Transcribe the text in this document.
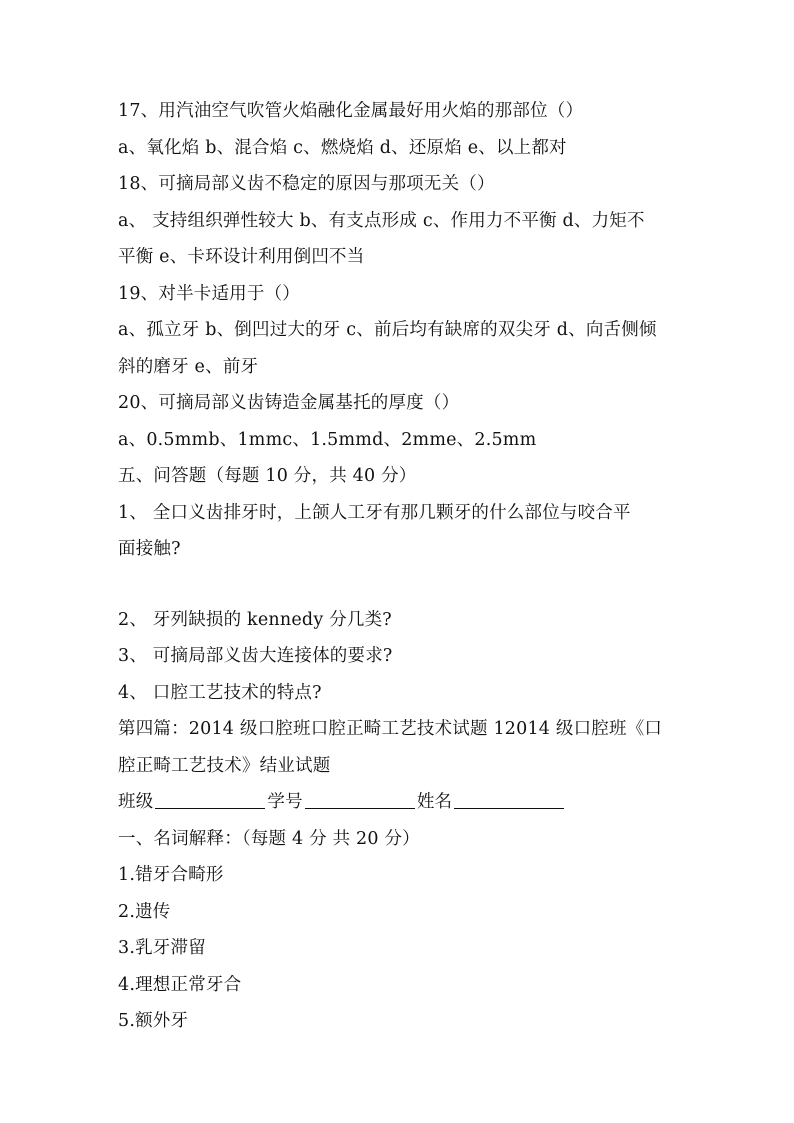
17、用汽油空气吹管火焰融化金属最好用火焰的那部位（）
a、氧化焰 b、混合焰 c、燃烧焰 d、还原焰 e、以上都对
18、可摘局部义齿不稳定的原因与那项无关（）
a、 支持组织弹性较大 b、有支点形成 c、作用力不平衡 d、力矩不
平衡 e、卡环设计利用倒凹不当
19、对半卡适用于（）
a、孤立牙 b、倒凹过大的牙 c、前后均有缺席的双尖牙 d、向舌侧倾
斜的磨牙 e、前牙
20、可摘局部义齿铸造金属基托的厚度（）
a、0.5mmb、1mmc、1.5mmd、2mme、2.5mm
五、问答题（每题 10 分，共 40 分）
1、 全口义齿排牙时，上颌人工牙有那几颗牙的什么部位与咬合平
面接触?
2、 牙列缺损的 kennedy 分几类?
3、 可摘局部义齿大连接体的要求?
4、 口腔工艺技术的特点?
第四篇：2014 级口腔班口腔正畸工艺技术试题 12014 级口腔班《口
腔正畸工艺技术》结业试题
班级	学号	姓名
一、名词解释：（每题 4 分 共 20 分）
1.错牙合畸形
2.遗传
3.乳牙滞留
4.理想正常牙合
5.额外牙
